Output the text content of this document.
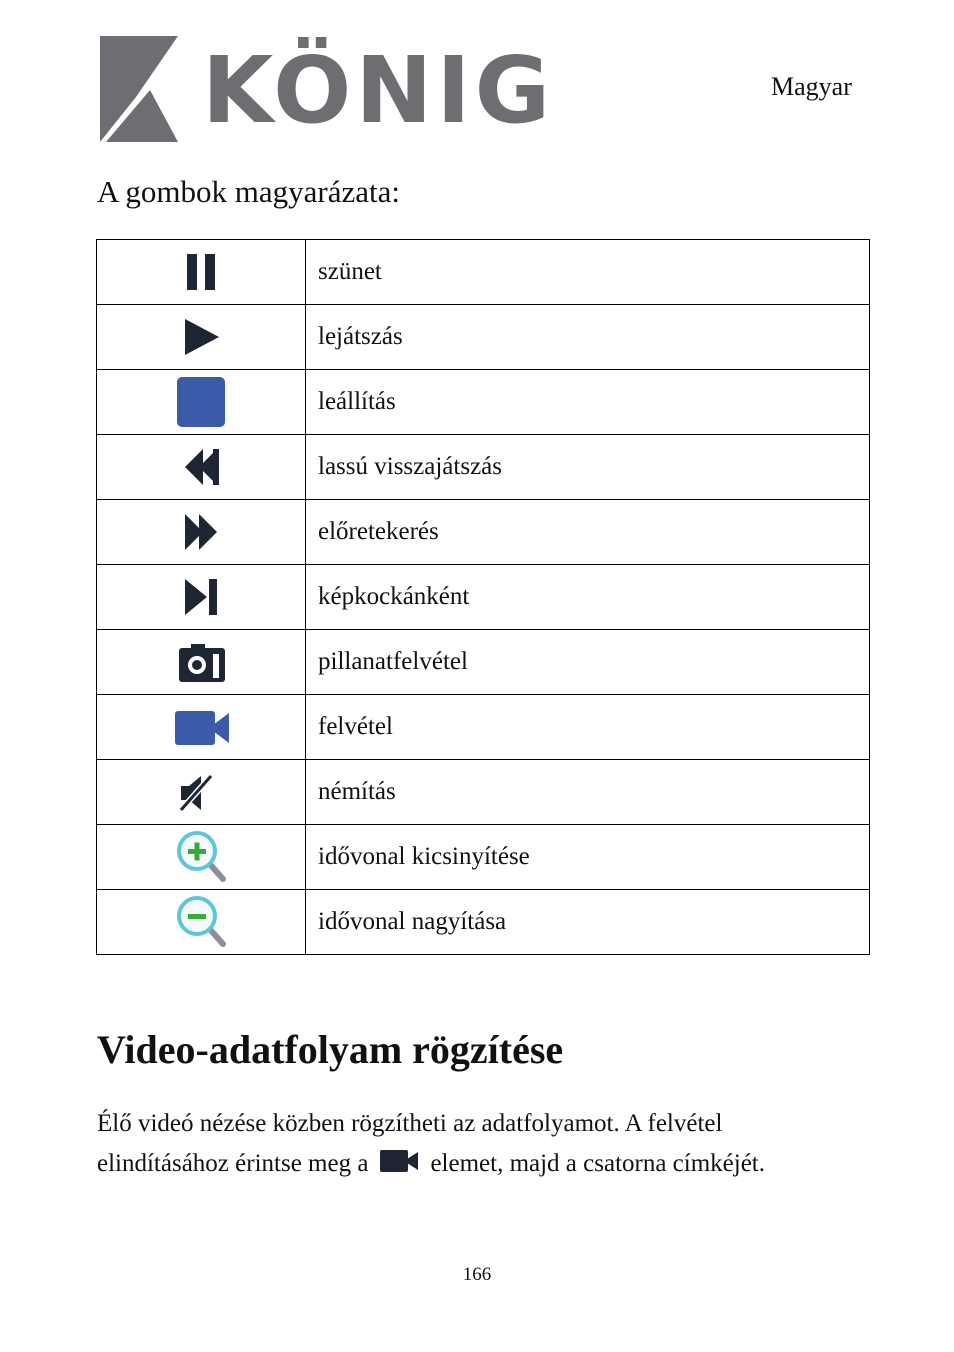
KÖNIG	Magyar
A gombok magyarázata:
	szünet

	lejátszás

	leállítás

	lassú visszajátszás

	előretekerés

	képkockánként

	pillanatfelvétel

	felvétel

	némítás

	idővonal kicsinyítése

	idővonal nagyítása
Video-adatfolyam rögzítése
Élő videó nézése közben rögzítheti az adatfolyamot. A felvétel
elindításához érintse meg a elemet, majd a csatorna címkéjét.
166
